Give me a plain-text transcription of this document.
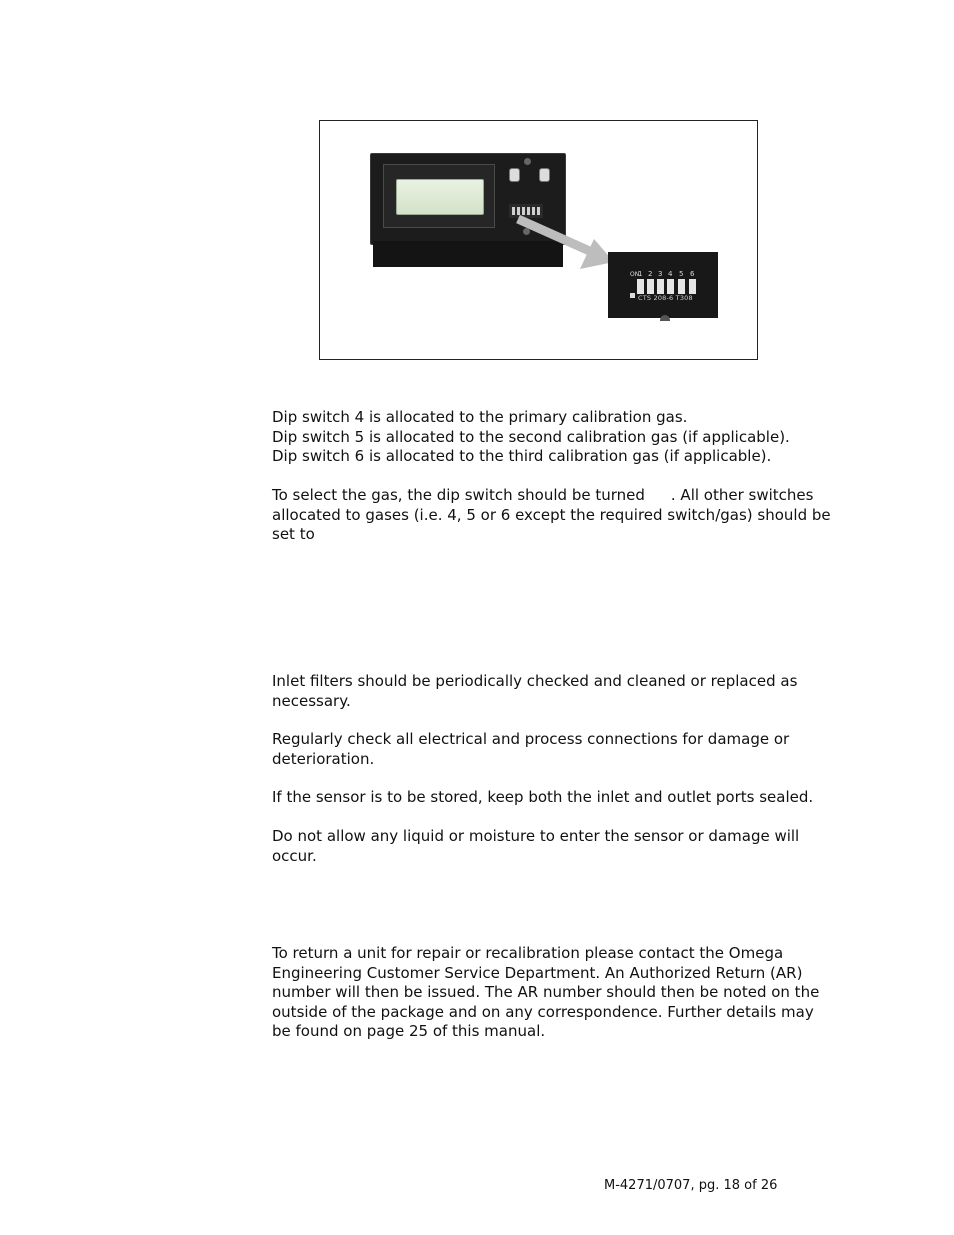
1 2 3 4 5 6
ON
CTS 208-6 T308
Dip switch 4 is allocated to the primary calibration gas.
Dip switch 5 is allocated to the second calibration gas (if applicable).
Dip switch 6 is allocated to the third calibration gas (if applicable).

To select the gas, the dip switch should be turned . All other switches allocated to gases (i.e. 4, 5 or 6 except the required switch/gas) should be set to

Inlet filters should be periodically checked and cleaned or replaced as necessary.

Regularly check all electrical and process connections for damage or deterioration.

If the sensor is to be stored, keep both the inlet and outlet ports sealed.

Do not allow any liquid or moisture to enter the sensor or damage will occur.

To return a unit for repair or recalibration please contact the Omega Engineering Customer Service Department. An Authorized Return (AR) number will then be issued. The AR number should then be noted on the outside of the package and on any correspondence. Further details may be found on page 25 of this manual.

M-4271/0707, pg. 18 of 26
